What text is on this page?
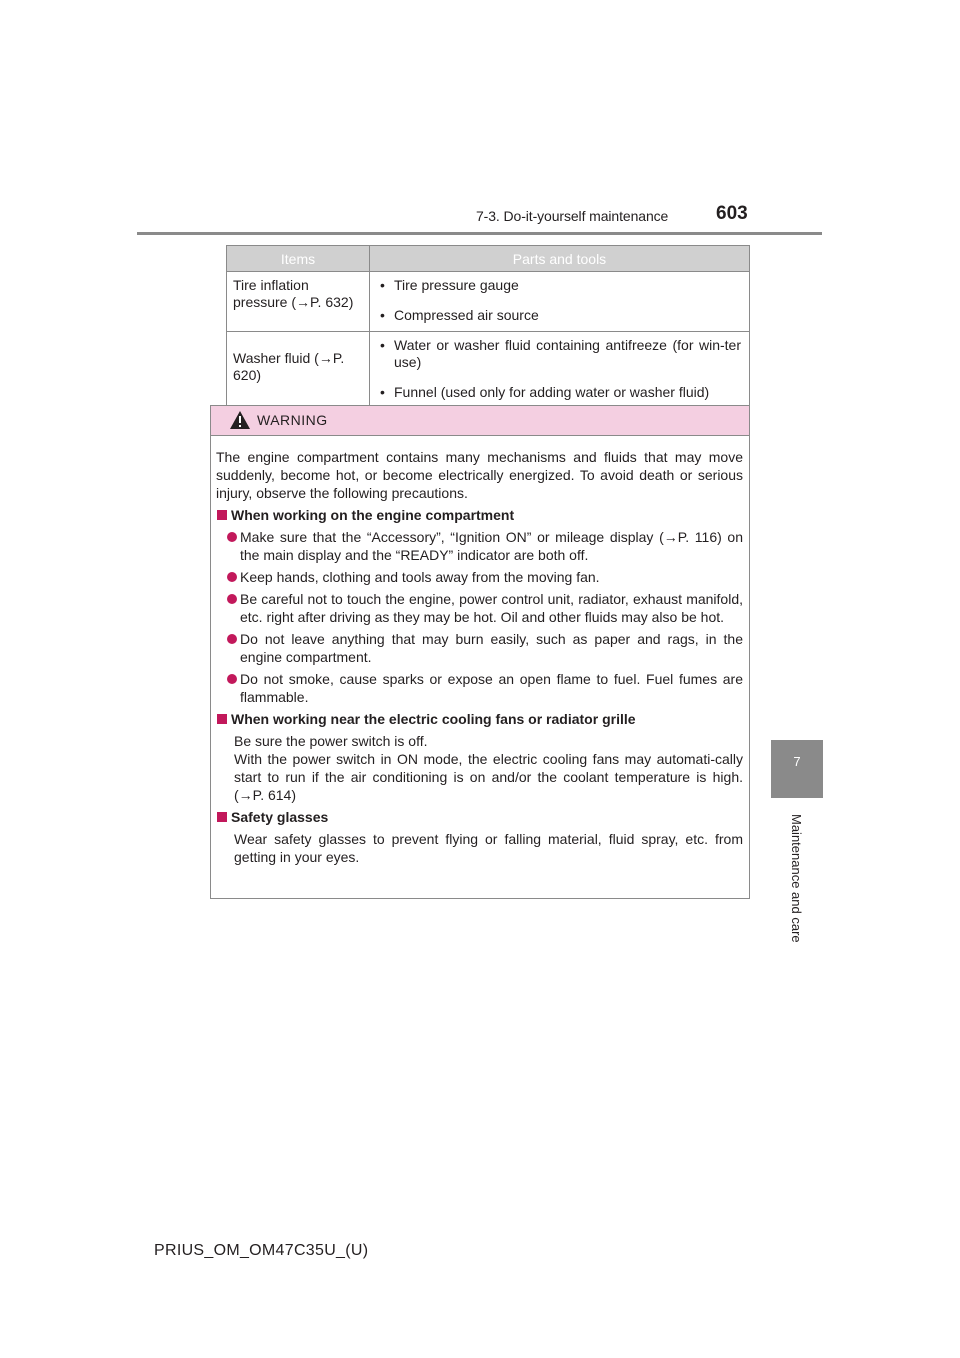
7-3. Do-it-yourself maintenance	603
7
Maintenance and care
Items	Parts and tools
Tire inflation pressure (→P. 632)	• Tire pressure gauge
• Compressed air source

Washer fluid (→P. 620)	• Water or washer fluid containing antifreeze (for win-ter use)
• Funnel (used only for adding water or washer fluid)
WARNING

The engine compartment contains many mechanisms and fluids that may move suddenly, become hot, or become electrically energized. To avoid death or serious injury, observe the following precautions.

When working on the engine compartment
Make sure that the “Accessory”, “Ignition ON” or mileage display (→P. 116) on the main display and the “READY” indicator are both off.
Keep hands, clothing and tools away from the moving fan.
Be careful not to touch the engine, power control unit, radiator, exhaust manifold, etc. right after driving as they may be hot. Oil and other fluids may also be hot.
Do not leave anything that may burn easily, such as paper and rags, in the engine compartment.
Do not smoke, cause sparks or expose an open flame to fuel. Fuel fumes are flammable.
When working near the electric cooling fans or radiator grille
Be sure the power switch is off.
With the power switch in ON mode, the electric cooling fans may automati-cally start to run if the air conditioning is on and/or the coolant temperature is high. (→P. 614)
Safety glasses
Wear safety glasses to prevent flying or falling material, fluid spray, etc. from getting in your eyes.
PRIUS_OM_OM47C35U_(U)
